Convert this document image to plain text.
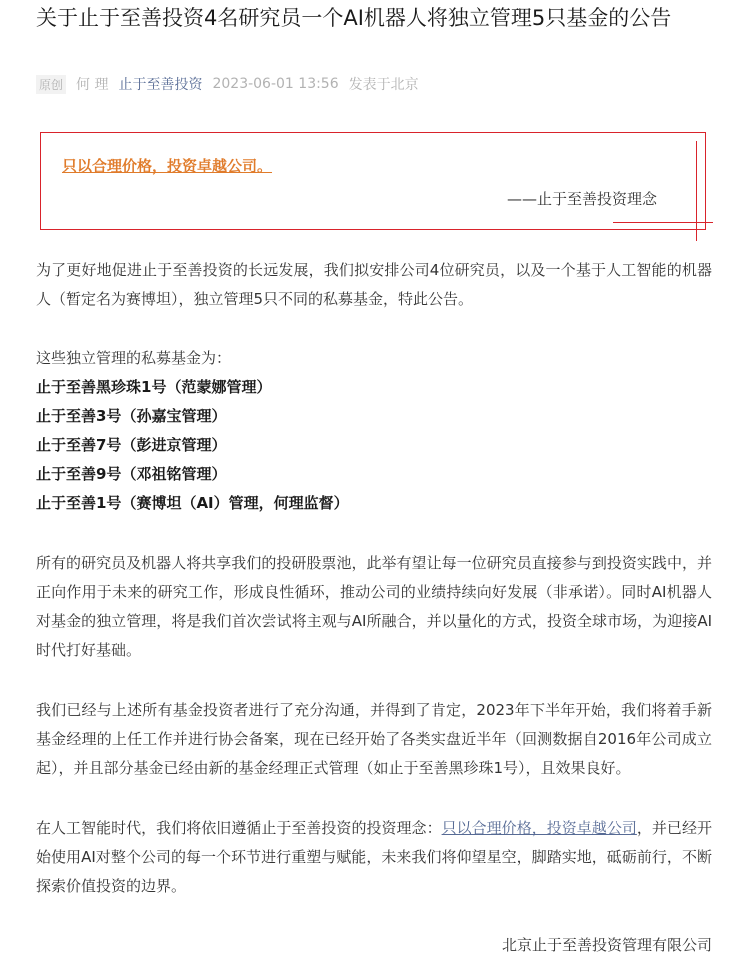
关于止于至善投资4名研究员一个AI机器人将独立管理5只基金的公告
原创 何 理 止于至善投资 2023-06-01 13:56 发表于北京
只以合理价格，投资卓越公司。
——止于至善投资理念

为了更好地促进止于至善投资的长远发展，我们拟安排公司4位研究员，以及一个基于人工智能的机器人（暂定名为赛博坦），独立管理5只不同的私募基金，特此公告。

这些独立管理的私募基金为：

止于至善黑珍珠1号（范蒙娜管理）

止于至善3号（孙嘉宝管理）

止于至善7号（彭进京管理）

止于至善9号（邓祖铭管理）

止于至善1号（赛博坦（AI）管理，何理监督）

所有的研究员及机器人将共享我们的投研股票池，此举有望让每一位研究员直接参与到投资实践中，并正向作用于未来的研究工作，形成良性循环，推动公司的业绩持续向好发展（非承诺）。同时AI机器人对基金的独立管理，将是我们首次尝试将主观与AI所融合，并以量化的方式，投资全球市场，为迎接AI时代打好基础。

我们已经与上述所有基金投资者进行了充分沟通，并得到了肯定，2023年下半年开始，我们将着手新基金经理的上任工作并进行协会备案，现在已经开始了各类实盘近半年（回测数据自2016年公司成立起），并且部分基金已经由新的基金经理正式管理（如止于至善黑珍珠1号），且效果良好。

在人工智能时代，我们将依旧遵循止于至善投资的投资理念：只以合理价格，投资卓越公司，并已经开始使用AI对整个公司的每一个环节进行重塑与赋能，未来我们将仰望星空，脚踏实地，砥砺前行，不断探索价值投资的边界。

北京止于至善投资管理有限公司
